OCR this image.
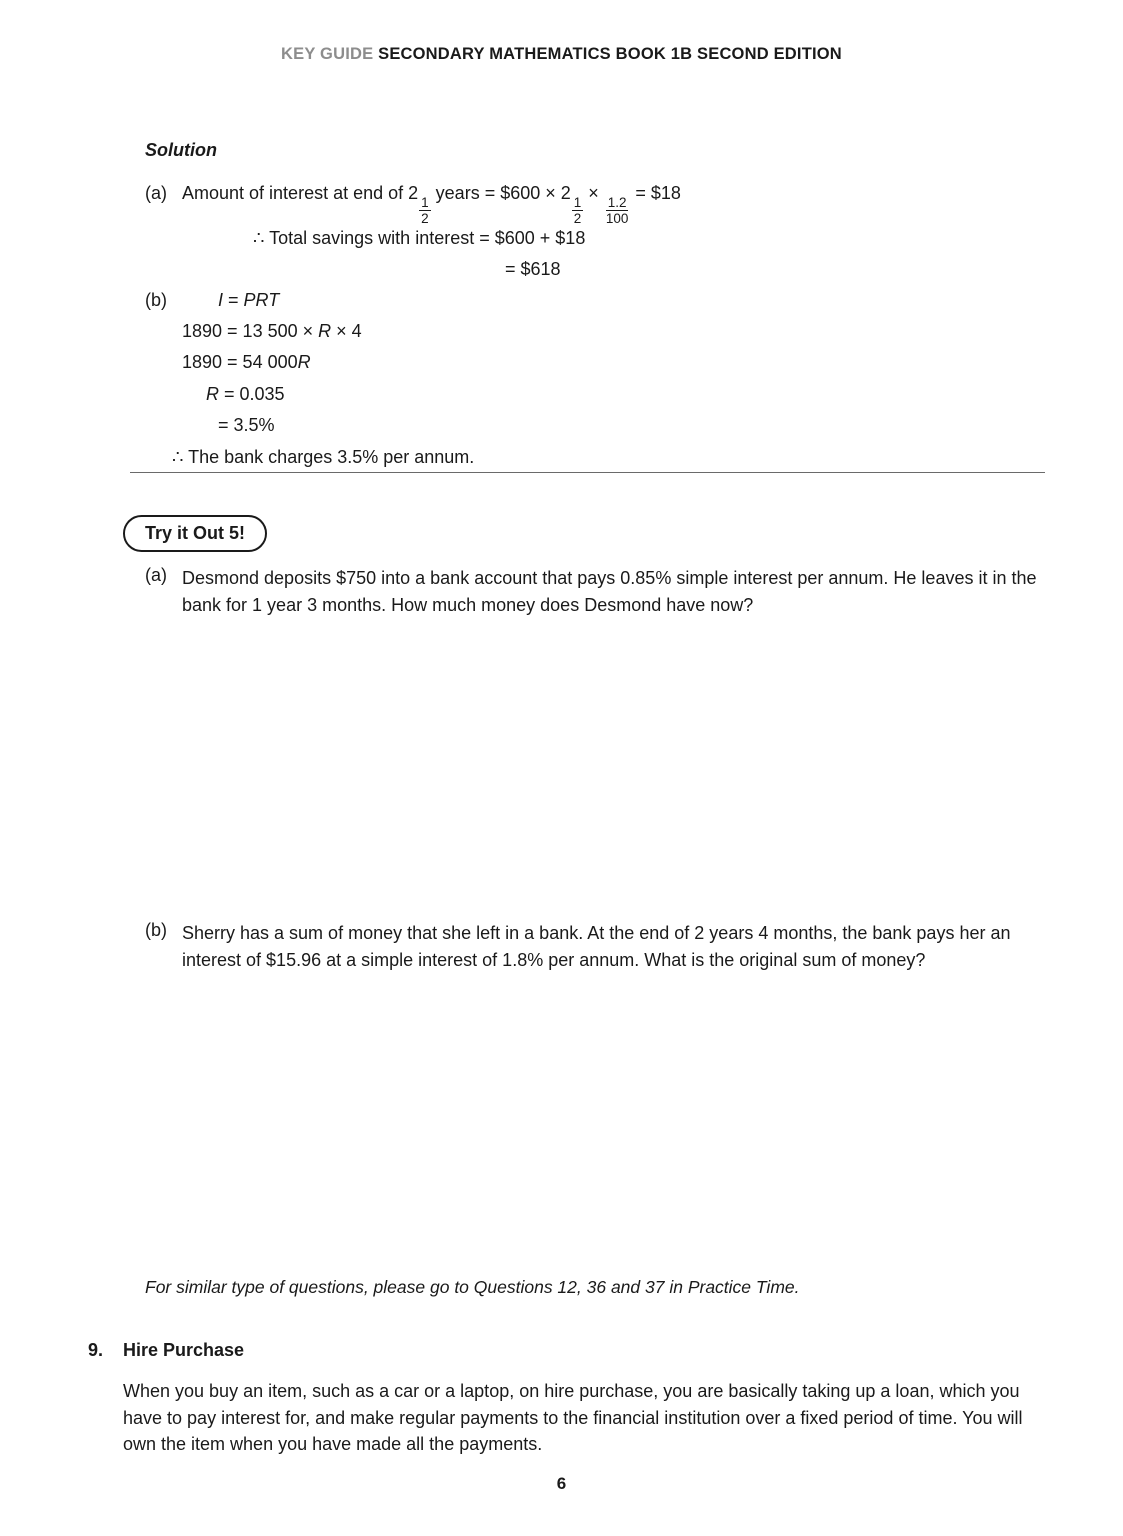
KEY GUIDE SECONDARY MATHEMATICS BOOK 1B SECOND EDITION
Solution
(a) Amount of interest at end of 2
$\frac{1}{2}$
years = $600 × 2
$\frac{1}{2}$
×
$\frac{1.2}{100}$
= $18
∴ Total savings with interest = $600 + $18
= $618
(b)	I = PRT
1890 = 13 500 × R × 4
1890 = 54 000R
R = 0.035
= 3.5%
∴ The bank charges 3.5% per annum.
Try it Out 5!
(a) Desmond deposits $750 into a bank account that pays 0.85% simple interest per annum. He leaves it in the bank for 1 year 3 months. How much money does Desmond have now?
(b) Sherry has a sum of money that she left in a bank. At the end of 2 years 4 months, the bank pays her an interest of $15.96 at a simple interest of 1.8% per annum. What is the original sum of money?
For similar type of questions, please go to Questions 12, 36 and 37 in Practice Time.
9. Hire Purchase
When you buy an item, such as a car or a laptop, on hire purchase, you are basically taking up a loan, which you have to pay interest for, and make regular payments to the financial institution over a fixed period of time. You will own the item when you have made all the payments.
6
